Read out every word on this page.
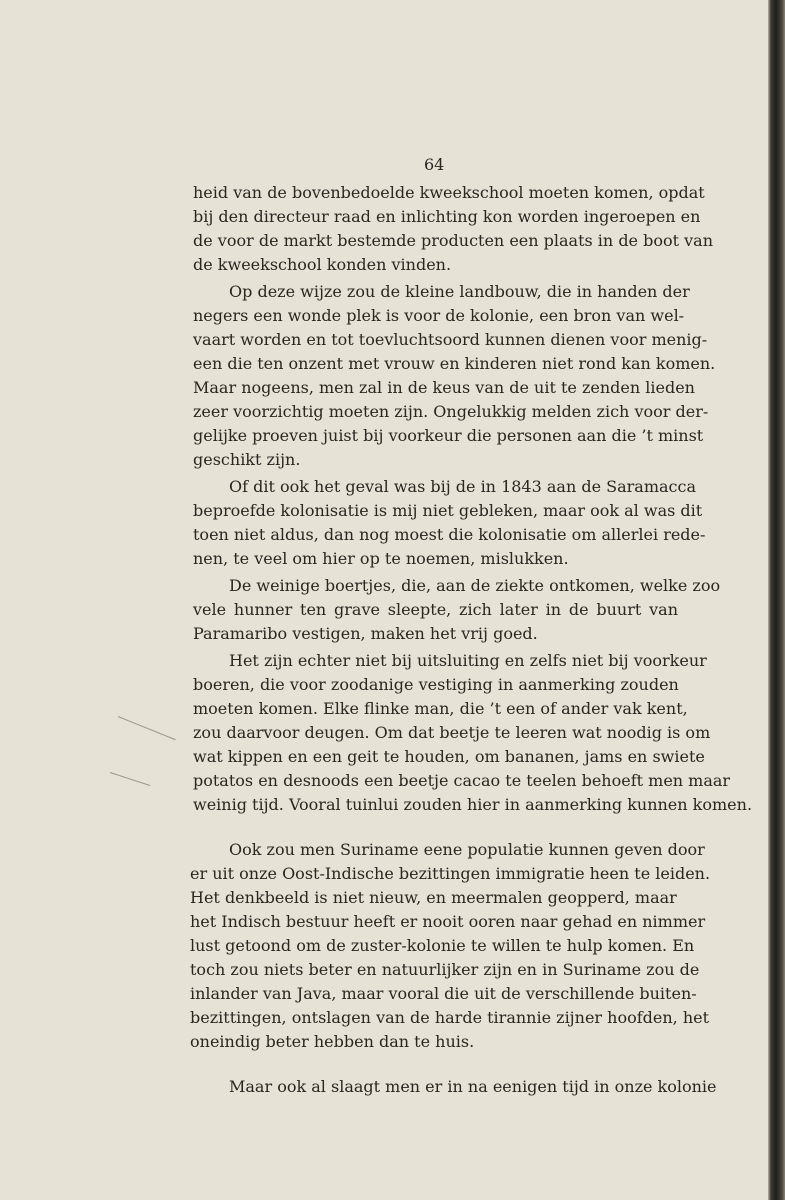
64
heid van de bovenbedoelde kweekschool moeten komen, opdat
bij den directeur raad en inlichting kon worden ingeroepen en
de voor de markt bestemde producten een plaats in de boot van
de kweekschool konden vinden.
Op deze wijze zou de kleine landbouw, die in handen der
negers een wonde plek is voor de kolonie, een bron van wel-
vaart worden en tot toevluchtsoord kunnen dienen voor menig-
een die ten onzent met vrouw en kinderen niet rond kan komen.
Maar nogeens, men zal in de keus van de uit te zenden lieden
zeer voorzichtig moeten zijn. Ongelukkig melden zich voor der-
gelijke proeven juist bij voorkeur die personen aan die ’t minst
geschikt zijn.
Of dit ook het geval was bij de in 1843 aan de Saramacca
beproefde kolonisatie is mij niet gebleken, maar ook al was dit
toen niet aldus, dan nog moest die kolonisatie om allerlei rede-
nen, te veel om hier op te noemen, mislukken.
De weinige boertjes, die, aan de ziekte ontkomen, welke zoo
vele hunner ten grave sleepte, zich later in de buurt van
Paramaribo vestigen, maken het vrij goed.
Het zijn echter niet bij uitsluiting en zelfs niet bij voorkeur
boeren, die voor zoodanige vestiging in aanmerking zouden
moeten komen. Elke flinke man, die ’t een of ander vak kent,
zou daarvoor deugen. Om dat beetje te leeren wat noodig is om
wat kippen en een geit te houden, om bananen, jams en swiete
potatos en desnoods een beetje cacao te teelen behoeft men maar
weinig tijd. Vooral tuinlui zouden hier in aanmerking kunnen komen.
Ook zou men Suriname eene populatie kunnen geven door
er uit onze Oost-Indische bezittingen immigratie heen te leiden.
Het denkbeeld is niet nieuw, en meermalen geopperd, maar
het Indisch bestuur heeft er nooit ooren naar gehad en nimmer
lust getoond om de zuster-kolonie te willen te hulp komen. En
toch zou niets beter en natuurlijker zijn en in Suriname zou de
inlander van Java, maar vooral die uit de verschillende buiten-
bezittingen, ontslagen van de harde tirannie zijner hoofden, het
oneindig beter hebben dan te huis.
Maar ook al slaagt men er in na eenigen tijd in onze kolonie
